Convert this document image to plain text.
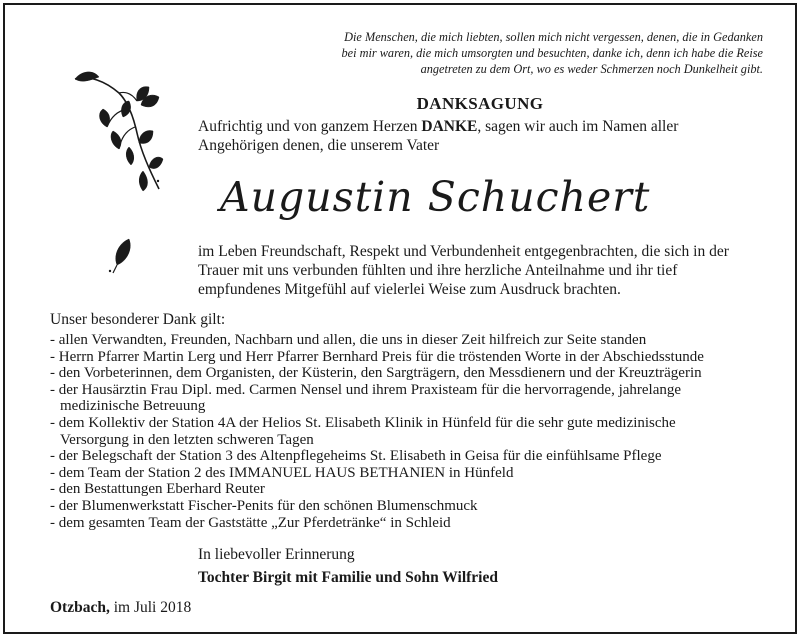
Die Menschen, die mich liebten, sollen mich nicht vergessen, denen, die in Gedanken
bei mir waren, die mich umsorgten und besuchten, danke ich, denn ich habe die Reise
angetreten zu dem Ort, wo es weder Schmerzen noch Dunkelheit gibt.
DANKSAGUNG
Aufrichtig und von ganzem Herzen DANKE, sagen wir auch im Namen aller
Angehörigen denen, die unserem Vater
Augustin Schuchert
im Leben Freundschaft, Respekt und Verbundenheit entgegenbrachten, die sich in der
Trauer mit uns verbunden fühlten und ihre herzliche Anteilnahme und ihr tief
empfundenes Mitgefühl auf vielerlei Weise zum Ausdruck brachten.
Unser besonderer Dank gilt:
- allen Verwandten, Freunden, Nachbarn und allen, die uns in dieser Zeit hilfreich zur Seite standen
- Herrn Pfarrer Martin Lerg und Herr Pfarrer Bernhard Preis für die tröstenden Worte in der Abschiedsstunde
- den Vorbeterinnen, dem Organisten, der Küsterin, den Sargträgern, den Messdienern und der Kreuzträgerin
- der Hausärztin Frau Dipl. med. Carmen Nensel und ihrem Praxisteam für die hervorragende, jahrelange
medizinische Betreuung
- dem Kollektiv der Station 4A der Helios St. Elisabeth Klinik in Hünfeld für die sehr gute medizinische
Versorgung in den letzten schweren Tagen
- der Belegschaft der Station 3 des Altenpflegeheims St. Elisabeth in Geisa für die einfühlsame Pflege
- dem Team der Station 2 des IMMANUEL HAUS BETHANIEN in Hünfeld
- den Bestattungen Eberhard Reuter
- der Blumenwerkstatt Fischer-Penits für den schönen Blumenschmuck
- dem gesamten Team der Gaststätte „Zur Pferdetränke“ in Schleid
In liebevoller Erinnerung
Tochter Birgit mit Familie und Sohn Wilfried
Otzbach, im Juli 2018
